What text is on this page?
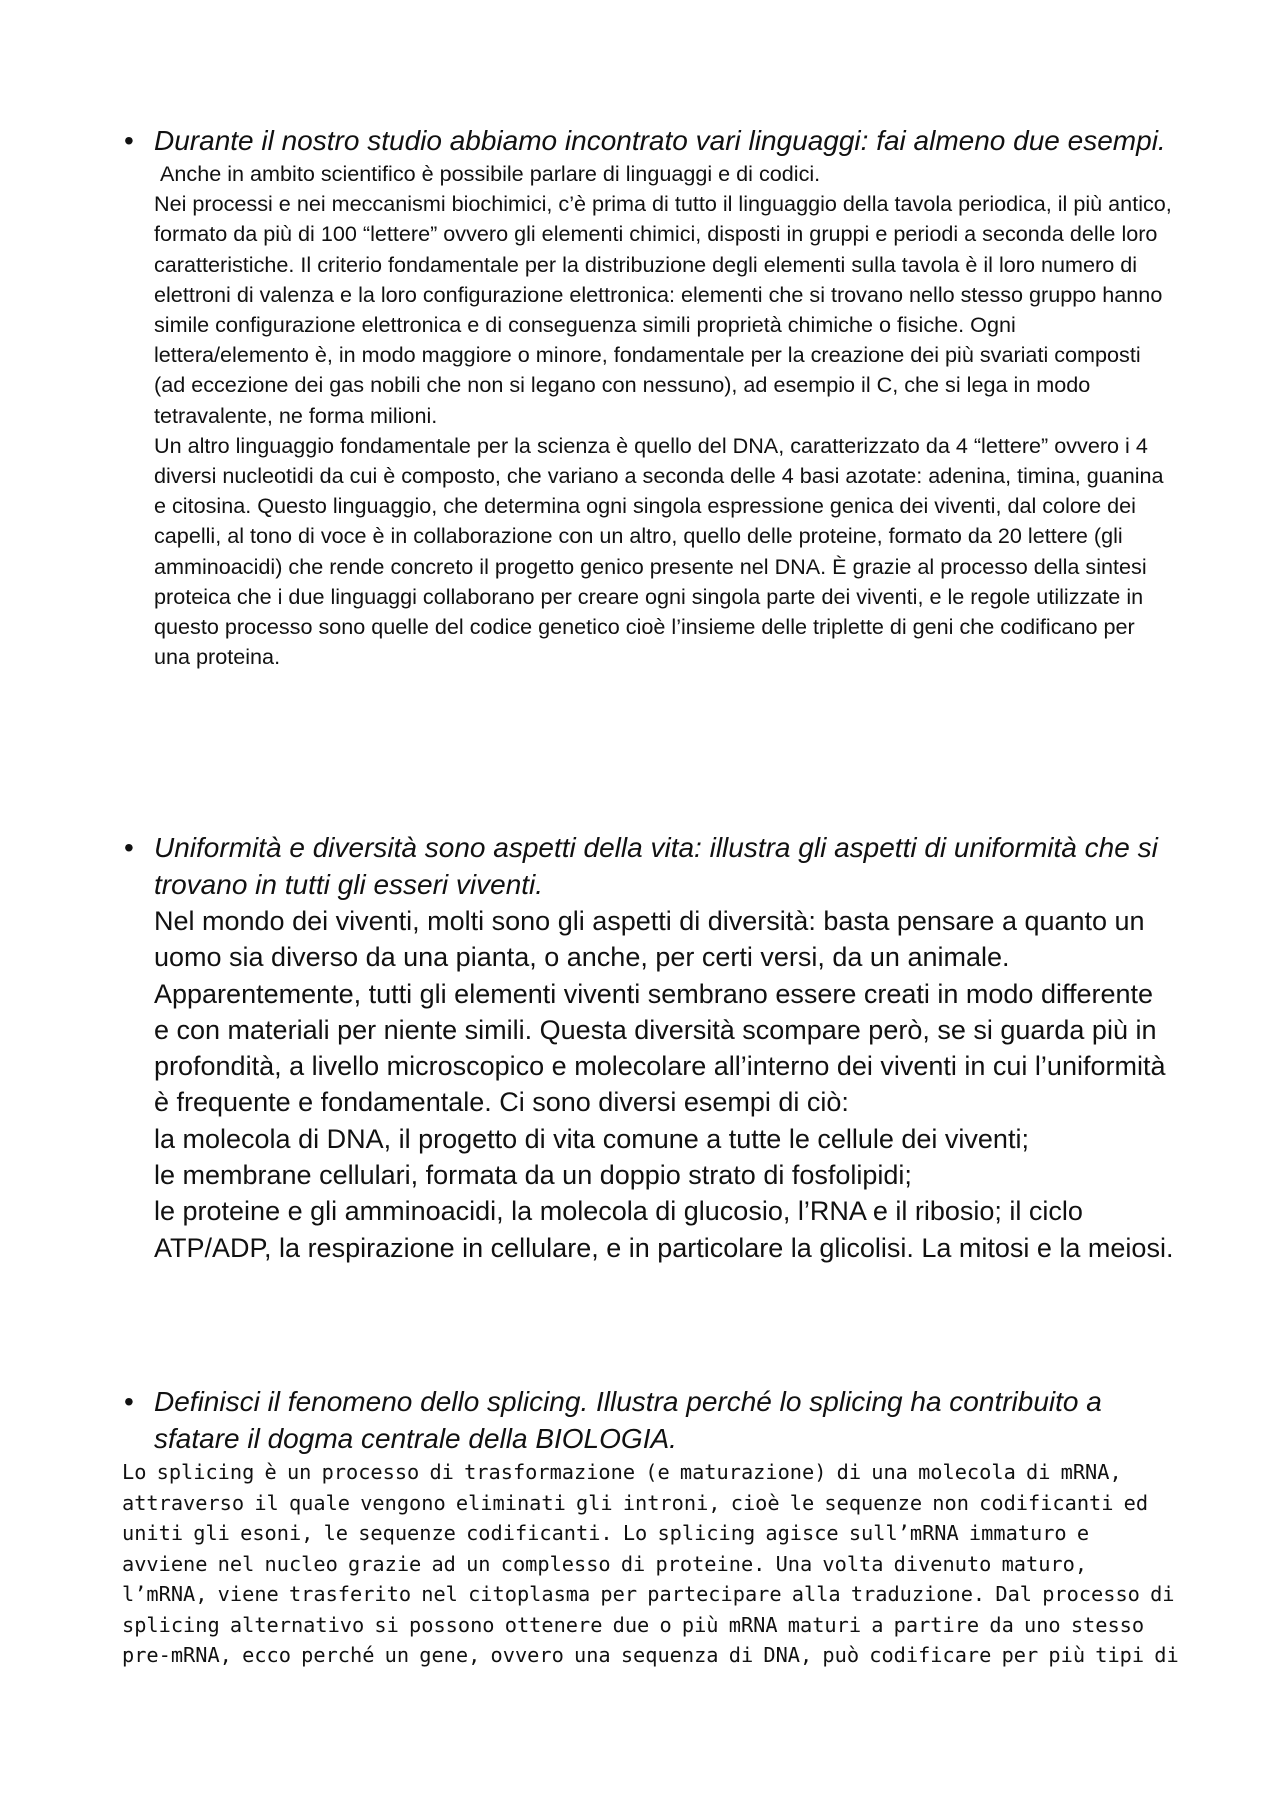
• Durante il nostro studio abbiamo incontrato vari linguaggi: fai almeno due esempi.

Anche in ambito scientifico è possibile parlare di linguaggi e di codici.

Nei processi e nei meccanismi biochimici, c’è prima di tutto il linguaggio della tavola periodica, il più antico, formato da più di 100 “lettere” ovvero gli elementi chimici, disposti in gruppi e periodi a seconda delle loro caratteristiche. Il criterio fondamentale per la distribuzione degli elementi sulla tavola è il loro numero di elettroni di valenza e la loro configurazione elettronica: elementi che si trovano nello stesso gruppo hanno simile configurazione elettronica e di conseguenza simili proprietà chimiche o fisiche. Ogni lettera/elemento è, in modo maggiore o minore, fondamentale per la creazione dei più svariati composti (ad eccezione dei gas nobili che non si legano con nessuno), ad esempio il C, che si lega in modo tetravalente, ne forma milioni.

Un altro linguaggio fondamentale per la scienza è quello del DNA, caratterizzato da 4 “lettere” ovvero i 4 diversi nucleotidi da cui è composto, che variano a seconda delle 4 basi azotate: adenina, timina, guanina e citosina. Questo linguaggio, che determina ogni singola espressione genica dei viventi, dal colore dei capelli, al tono di voce è in collaborazione con un altro, quello delle proteine, formato da 20 lettere (gli amminoacidi) che rende concreto il progetto genico presente nel DNA. È grazie al processo della sintesi proteica che i due linguaggi collaborano per creare ogni singola parte dei viventi, e le regole utilizzate in questo processo sono quelle del codice genetico cioè l’insieme delle triplette di geni che codificano per una proteina.

• Uniformità e diversità sono aspetti della vita: illustra gli aspetti di uniformità che si trovano in tutti gli esseri viventi.

Nel mondo dei viventi, molti sono gli aspetti di diversità: basta pensare a quanto un uomo sia diverso da una pianta, o anche, per certi versi, da un animale. Apparentemente, tutti gli elementi viventi sembrano essere creati in modo differente e con materiali per niente simili. Questa diversità scompare però, se si guarda più in profondità, a livello microscopico e molecolare all’interno dei viventi in cui l’uniformità è frequente e fondamentale. Ci sono diversi esempi di ciò:

la molecola di DNA, il progetto di vita comune a tutte le cellule dei viventi;

le membrane cellulari, formata da un doppio strato di fosfolipidi;

le proteine e gli amminoacidi, la molecola di glucosio, l’RNA e il ribosio; il ciclo ATP/ADP, la respirazione in cellulare, e in particolare la glicolisi. La mitosi e la meiosi.

• Definisci il fenomeno dello splicing. Illustra perché lo splicing ha contribuito a sfatare il dogma centrale della BIOLOGIA.

Lo splicing è un processo di trasformazione (e maturazione) di una molecola di mRNA, attraverso il quale vengono eliminati gli introni, cioè le sequenze non codificanti ed uniti gli esoni, le sequenze codificanti. Lo splicing agisce sull’mRNA immaturo e avviene nel nucleo grazie ad un complesso di proteine. Una volta divenuto maturo, l’mRNA, viene trasferito nel citoplasma per partecipare alla traduzione. Dal processo di splicing alternativo si possono ottenere due o più mRNA maturi a partire da uno stesso pre-mRNA, ecco perché un gene, ovvero una sequenza di DNA, può codificare per più tipi di
